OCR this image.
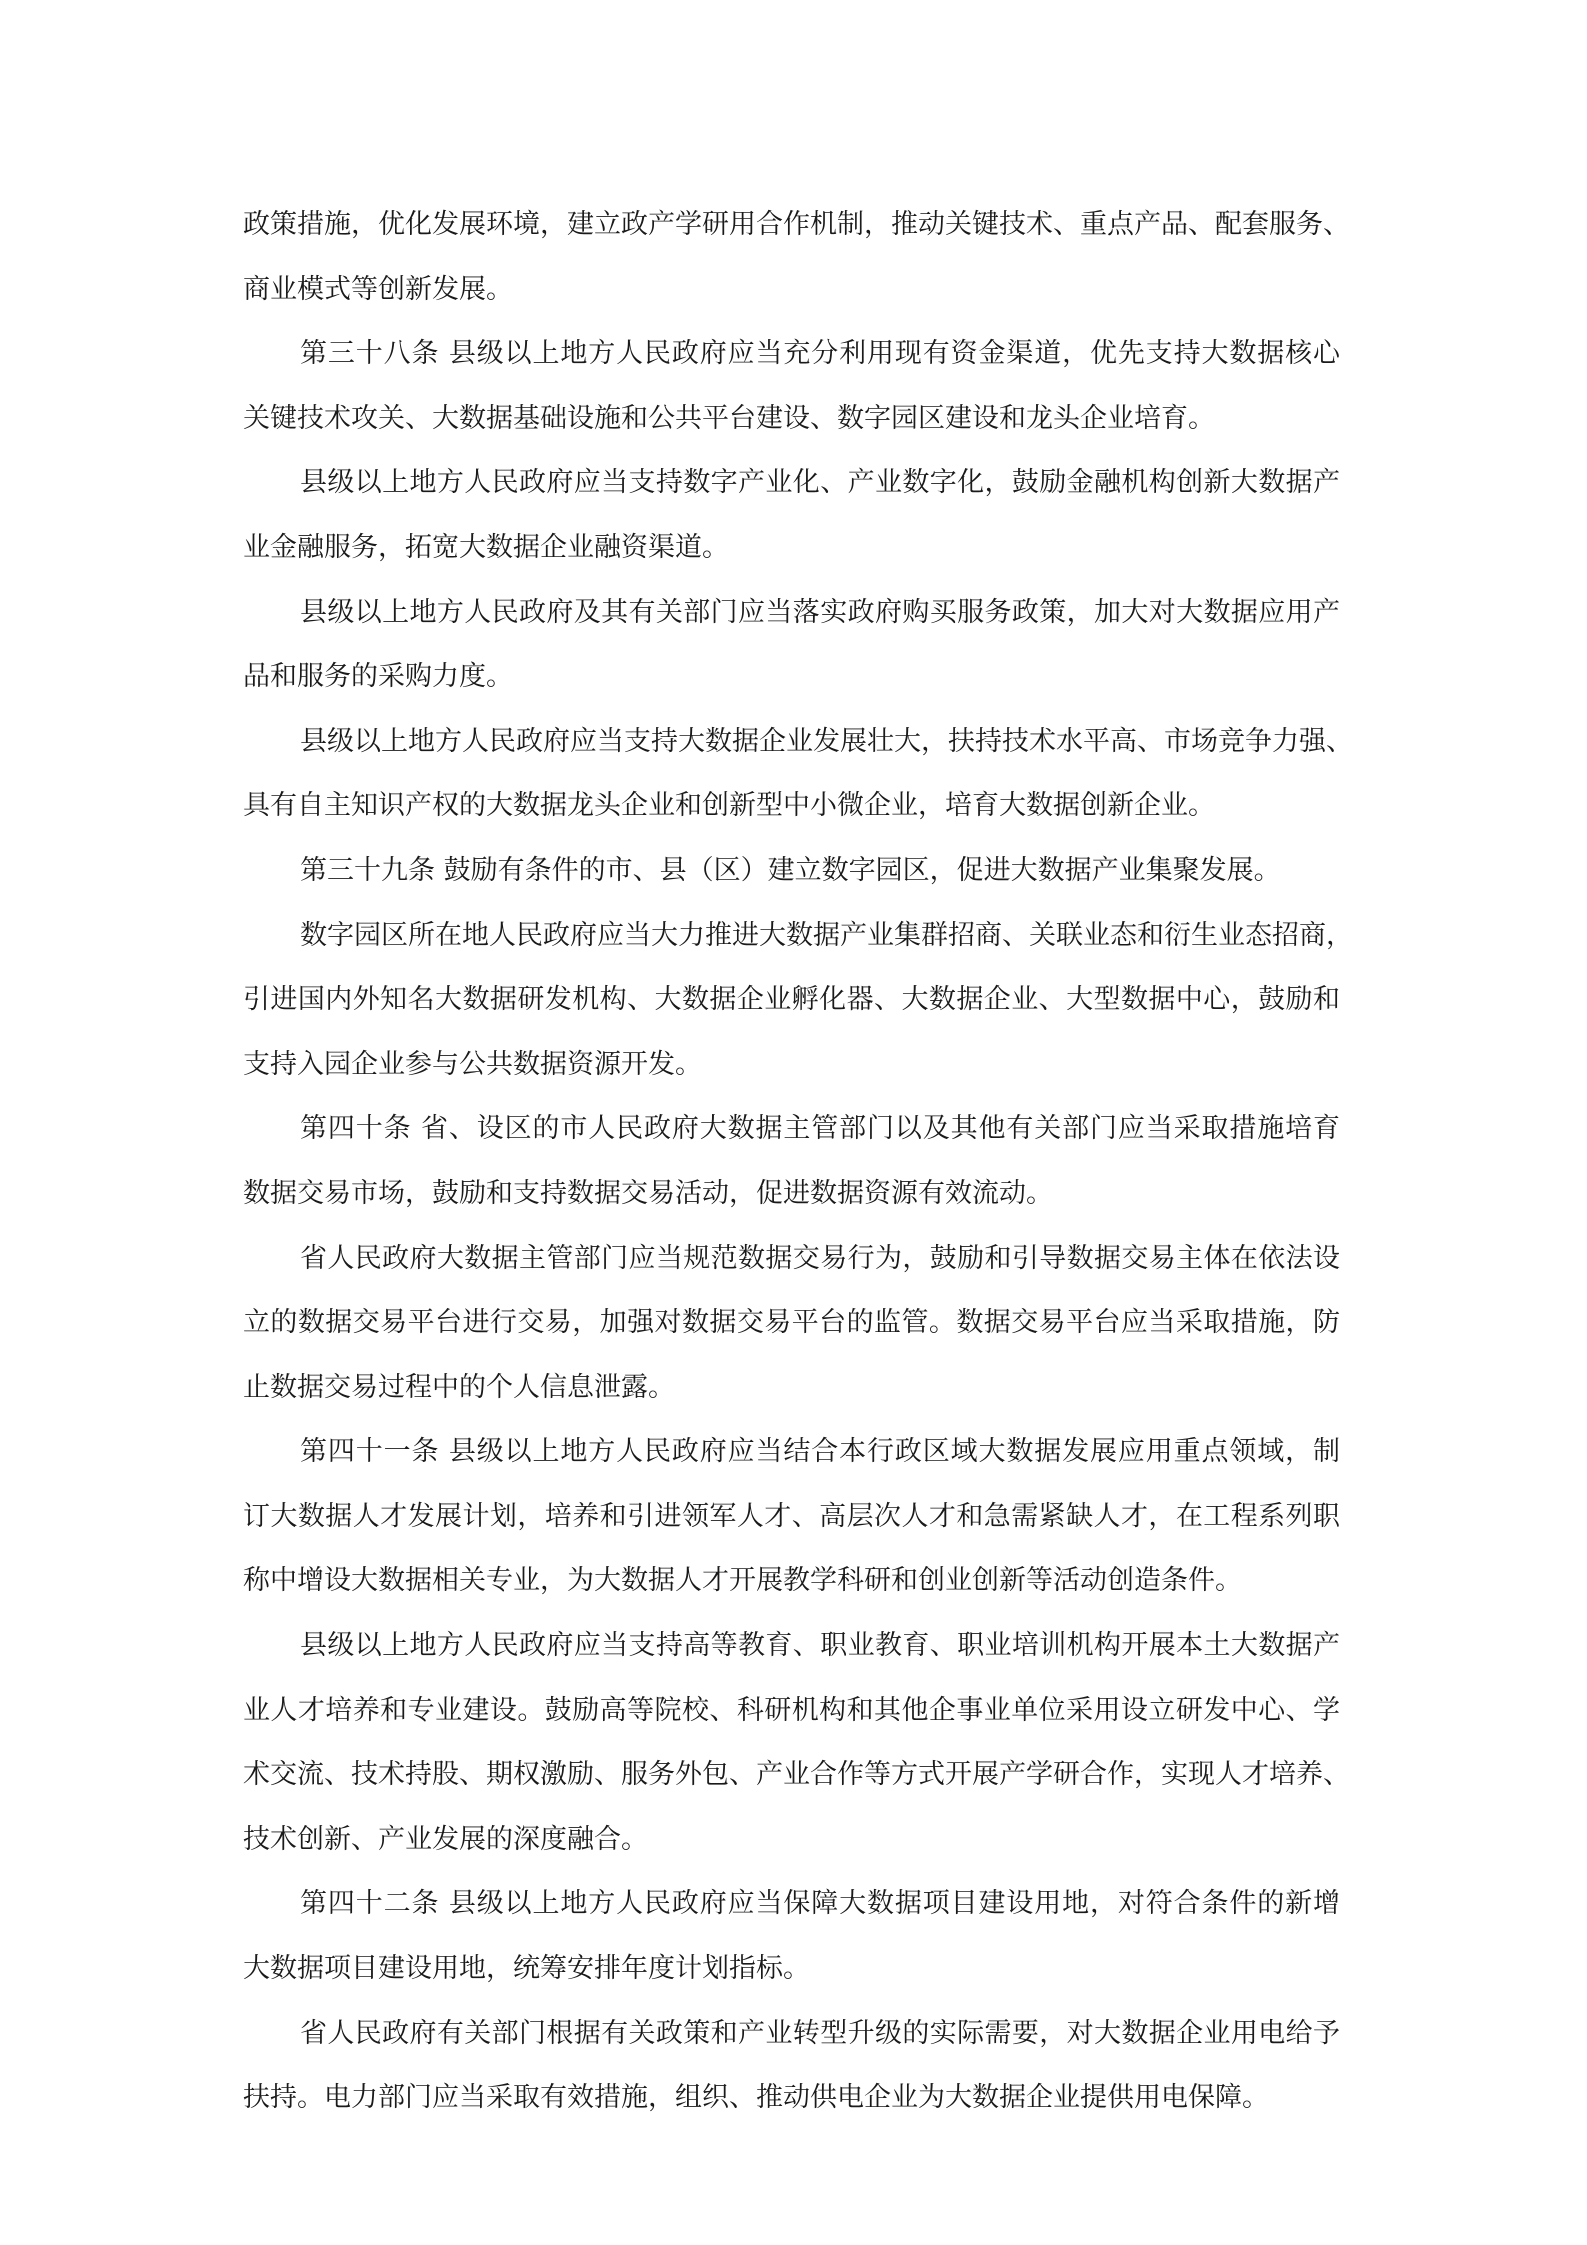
政策措施，优化发展环境，建立政产学研用合作机制，推动关键技术、重点产品、配套服务、
商业模式等创新发展。
第三十八条 县级以上地方人民政府应当充分利用现有资金渠道，优先支持大数据核心
关键技术攻关、大数据基础设施和公共平台建设、数字园区建设和龙头企业培育。
县级以上地方人民政府应当支持数字产业化、产业数字化，鼓励金融机构创新大数据产
业金融服务，拓宽大数据企业融资渠道。
县级以上地方人民政府及其有关部门应当落实政府购买服务政策，加大对大数据应用产
品和服务的采购力度。
县级以上地方人民政府应当支持大数据企业发展壮大，扶持技术水平高、市场竞争力强、
具有自主知识产权的大数据龙头企业和创新型中小微企业，培育大数据创新企业。
第三十九条 鼓励有条件的市、县（区）建立数字园区，促进大数据产业集聚发展。
数字园区所在地人民政府应当大力推进大数据产业集群招商、关联业态和衍生业态招商，
引进国内外知名大数据研发机构、大数据企业孵化器、大数据企业、大型数据中心，鼓励和
支持入园企业参与公共数据资源开发。
第四十条 省、设区的市人民政府大数据主管部门以及其他有关部门应当采取措施培育
数据交易市场，鼓励和支持数据交易活动，促进数据资源有效流动。
省人民政府大数据主管部门应当规范数据交易行为，鼓励和引导数据交易主体在依法设
立的数据交易平台进行交易，加强对数据交易平台的监管。数据交易平台应当采取措施，防
止数据交易过程中的个人信息泄露。
第四十一条 县级以上地方人民政府应当结合本行政区域大数据发展应用重点领域，制
订大数据人才发展计划，培养和引进领军人才、高层次人才和急需紧缺人才，在工程系列职
称中增设大数据相关专业，为大数据人才开展教学科研和创业创新等活动创造条件。
县级以上地方人民政府应当支持高等教育、职业教育、职业培训机构开展本土大数据产
业人才培养和专业建设。鼓励高等院校、科研机构和其他企事业单位采用设立研发中心、学
术交流、技术持股、期权激励、服务外包、产业合作等方式开展产学研合作，实现人才培养、
技术创新、产业发展的深度融合。
第四十二条 县级以上地方人民政府应当保障大数据项目建设用地，对符合条件的新增
大数据项目建设用地，统筹安排年度计划指标。
省人民政府有关部门根据有关政策和产业转型升级的实际需要，对大数据企业用电给予
扶持。电力部门应当采取有效措施，组织、推动供电企业为大数据企业提供用电保障。
